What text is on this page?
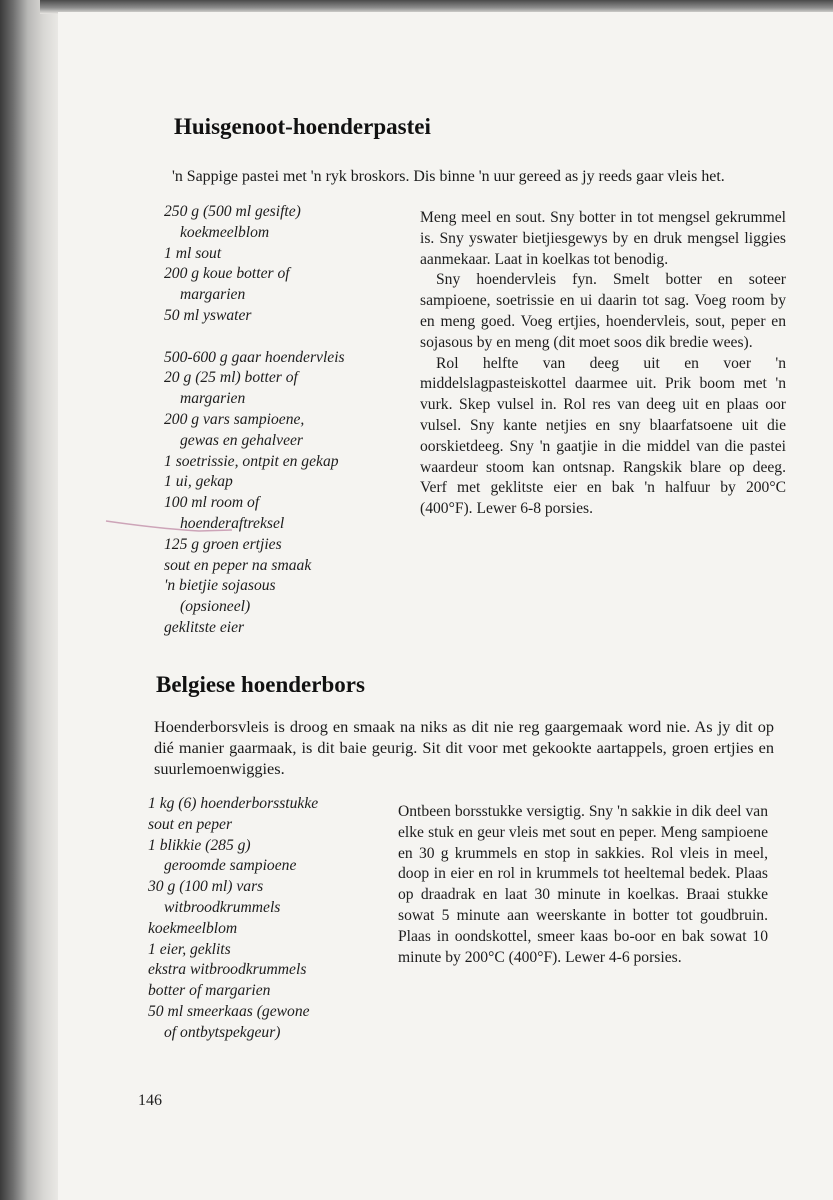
Huisgenoot-hoenderpastei

'n Sappige pastei met 'n ryk broskors. Dis binne 'n uur gereed as jy reeds gaar vleis het.

250 g (500 ml gesifte)
koekmeelblom
1 ml sout
200 g koue botter of
margarien
50 ml yswater
500-600 g gaar hoendervleis
20 g (25 ml) botter of
margarien
200 g vars sampioene,
gewas en gehalveer
1 soetrissie, ontpit en gekap
1 ui, gekap
100 ml room of
hoenderaftreksel
125 g groen ertjies
sout en peper na smaak
'n bietjie sojasous
(opsioneel)
geklitste eier

Meng meel en sout. Sny botter in tot mengsel gekrummel is. Sny yswater bietjiesgewys by en druk mengsel liggies aanmekaar. Laat in koelkas tot benodig.

Sny hoendervleis fyn. Smelt botter en soteer sampioene, soetrissie en ui daarin tot sag. Voeg room by en meng goed. Voeg ertjies, hoendervleis, sout, peper en sojasous by en meng (dit moet soos dik bredie wees).

Rol helfte van deeg uit en voer 'n middelslagpasteiskottel daarmee uit. Prik boom met 'n vurk. Skep vulsel in. Rol res van deeg uit en plaas oor vulsel. Sny kante netjies en sny blaarfatsoene uit die oorskietdeeg. Sny 'n gaatjie in die middel van die pastei waardeur stoom kan ontsnap. Rangskik blare op deeg. Verf met geklitste eier en bak 'n halfuur by 200°C (400°F). Lewer 6-8 porsies.

Belgiese hoenderbors

Hoenderborsvleis is droog en smaak na niks as dit nie reg gaargemaak word nie. As jy dit op dié manier gaarmaak, is dit baie geurig. Sit dit voor met gekookte aartappels, groen ertjies en suurlemoenwiggies.

1 kg (6) hoenderborsstukke
sout en peper
1 blikkie (285 g)
geroomde sampioene
30 g (100 ml) vars
witbroodkrummels
koekmeelblom
1 eier, geklits
ekstra witbroodkrummels
botter of margarien
50 ml smeerkaas (gewone
of ontbytspekgeur)

Ontbeen borsstukke versigtig. Sny 'n sakkie in dik deel van elke stuk en geur vleis met sout en peper. Meng sampioene en 30 g krummels en stop in sakkies. Rol vleis in meel, doop in eier en rol in krummels tot heeltemal bedek. Plaas op draadrak en laat 30 minute in koelkas. Braai stukke sowat 5 minute aan weerskante in botter tot goudbruin. Plaas in oondskottel, smeer kaas bo-oor en bak sowat 10 minute by 200°C (400°F). Lewer 4-6 porsies.

146
